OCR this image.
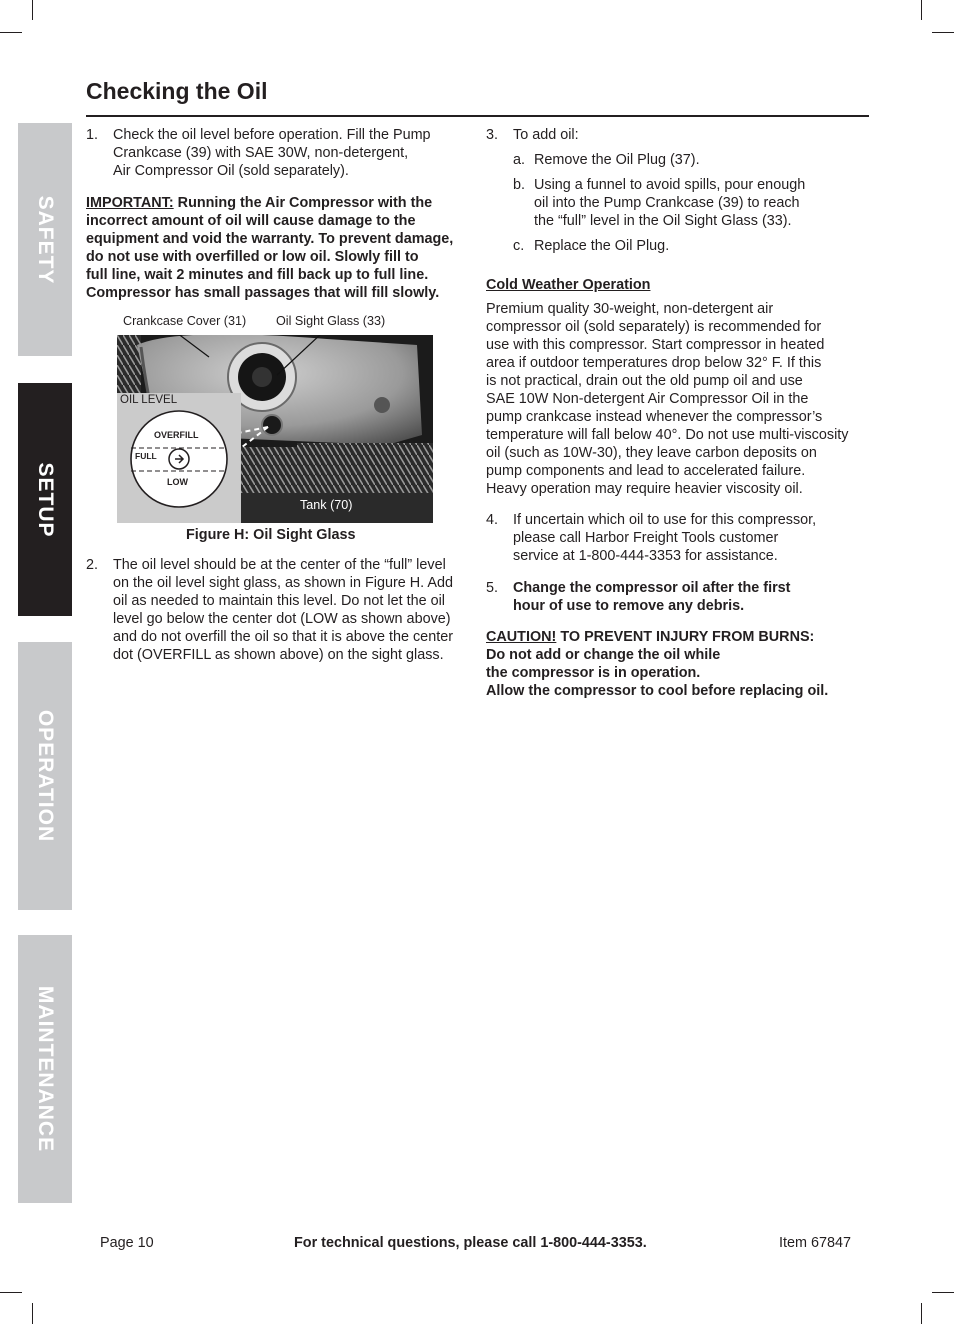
SAFETY
SETUP
OPERATION
MAINTENANCE
Checking the Oil
1. Check the oil level before operation. Fill the Pump
Crankcase (39) with SAE 30W, non-detergent,
Air Compressor Oil (sold separately).
IMPORTANT: Running the Air Compressor with the
incorrect amount of oil will cause damage to the
equipment and void the warranty. To prevent damage,
do not use with overfilled or low oil. Slowly fill to
full line, wait 2 minutes and fill back up to full line.
Compressor has small passages that will fill slowly.
Crankcase Cover (31) Oil Sight Glass (33)
OIL LEVEL
OVERFILL
FULL
LOW
Tank (70)
Figure H: Oil Sight Glass
2. The oil level should be at the center of the “full” level
on the oil level sight glass, as shown in Figure H. Add
oil as needed to maintain this level. Do not let the oil
level go below the center dot (LOW as shown above)
and do not overfill the oil so that it is above the center
dot (OVERFILL as shown above) on the sight glass.
3. To add oil:
a. Remove the Oil Plug (37).
b. Using a funnel to avoid spills, pour enough
oil into the Pump Crankcase (39) to reach
the “full” level in the Oil Sight Glass (33).
c. Replace the Oil Plug.
Cold Weather Operation
Premium quality 30-weight, non-detergent air
compressor oil (sold separately) is recommended for
use with this compressor. Start compressor in heated
area if outdoor temperatures drop below 32° F. If this
is not practical, drain out the old pump oil and use
SAE 10W Non-detergent Air Compressor Oil in the
pump crankcase instead whenever the compressor’s
temperature will fall below 40°. Do not use multi-viscosity
oil (such as 10W-30), they leave carbon deposits on
pump components and lead to accelerated failure.
Heavy operation may require heavier viscosity oil.
4. If uncertain which oil to use for this compressor,
please call Harbor Freight Tools customer
service at 1-800-444-3353 for assistance.
5. Change the compressor oil after the first
hour of use to remove any debris.
CAUTION! TO PREVENT INJURY FROM BURNS:
Do not add or change the oil while
the compressor is in operation.
Allow the compressor to cool before replacing oil.
Page 10	For technical questions, please call 1-800-444-3353.	Item 67847
